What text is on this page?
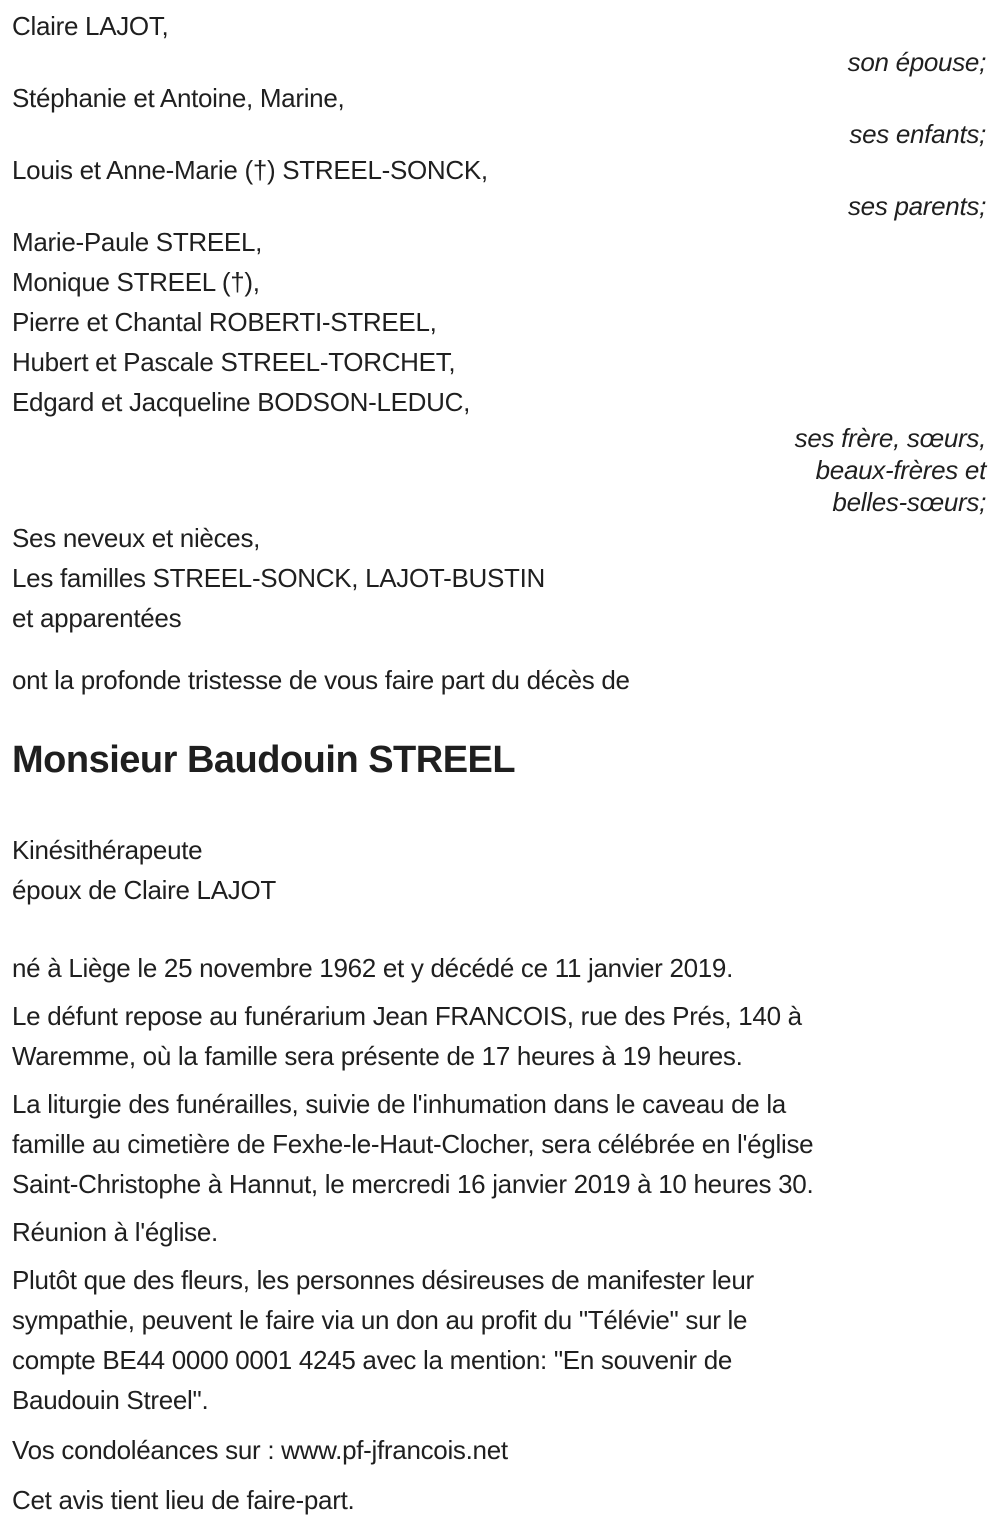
Claire LAJOT,
son épouse;
Stéphanie et Antoine, Marine,
ses enfants;
Louis et Anne-Marie (†) STREEL-SONCK,
ses parents;
Marie-Paule STREEL,
Monique STREEL (†),
Pierre et Chantal ROBERTI-STREEL,
Hubert et Pascale STREEL-TORCHET,
Edgard et Jacqueline BODSON-LEDUC,
ses frère, sœurs,
beaux-frères et
belles-sœurs;
Ses neveux et nièces,
Les familles STREEL-SONCK, LAJOT-BUSTIN
et apparentées
ont la profonde tristesse de vous faire part du décès de
Monsieur Baudouin STREEL
Kinésithérapeute
époux de Claire LAJOT
né à Liège le 25 novembre 1962 et y décédé ce 11 janvier 2019.
Le défunt repose au funérarium Jean FRANCOIS, rue des Prés, 140 à
Waremme, où la famille sera présente de 17 heures à 19 heures.
La liturgie des funérailles, suivie de l'inhumation dans le caveau de la
famille au cimetière de Fexhe-le-Haut-Clocher, sera célébrée en l'église
Saint-Christophe à Hannut, le mercredi 16 janvier 2019 à 10 heures 30.
Réunion à l'église.
Plutôt que des fleurs, les personnes désireuses de manifester leur
sympathie, peuvent le faire via un don au profit du "Télévie" sur le
compte BE44 0000 0001 4245 avec la mention: "En souvenir de
Baudouin Streel".
Vos condoléances sur : www.pf-jfrancois.net
Cet avis tient lieu de faire-part.
